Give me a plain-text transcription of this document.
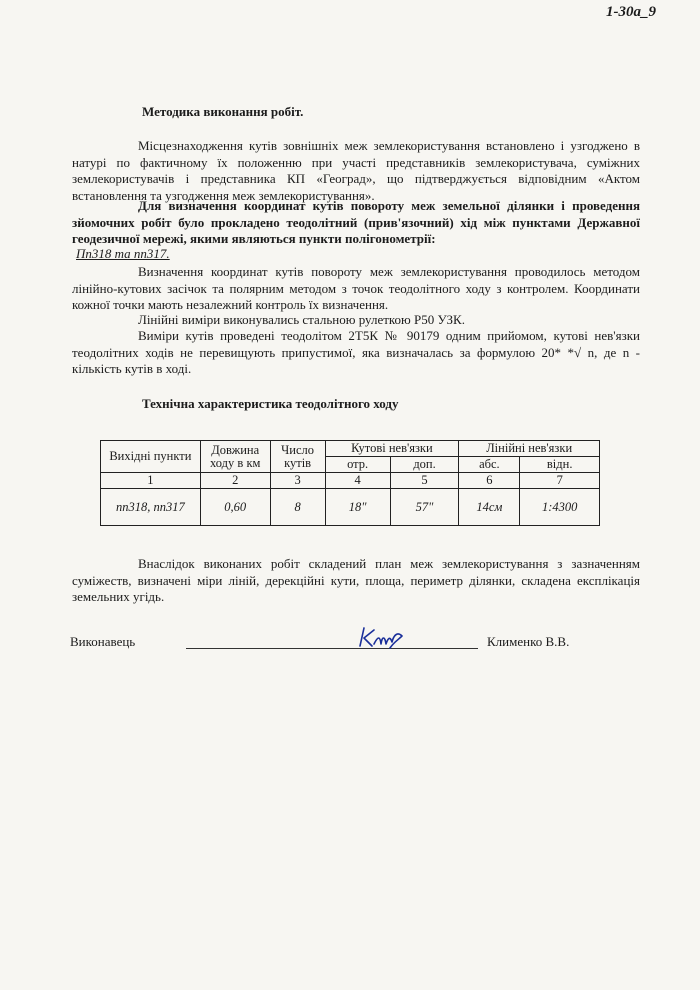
1-30а_9
Методика виконання робіт.

Місцезнаходження кутів зовнішніх меж землекористування встановлено і узгоджено в натурі по фактичному їх положенню при участі представників землекористувача, суміжних землекористувачів і представника КП «Геоград», що підтверджується відповідним «Актом встановлення та узгодження меж землекористування».

Для визначення координат кутів повороту меж земельної ділянки і проведення зйомочних робіт було прокладено теодолітний (прив'язочний) хід між пунктами Державної геодезичної мережі, якими являються пункти полігонометрії:

Пп318 та пп317.

Визначення координат кутів повороту меж землекористування проводилось методом лінійно-кутових засічок та полярним методом з точок теодолітного ходу з контролем. Координати кожної точки мають незалежний контроль їх визначення.

Лінійні виміри виконувались стальною рулеткою Р50 УЗК.

Виміри кутів проведені теодолітом 2Т5К № 90179 одним прийомом, кутові нев'язки теодолітних ходів не перевищують припустимої, яка визначалась за формулою 20* *√ n, де n - кількість кутів в ході.

Технічна характеристика теодолітного ходу
Вихідні пункти	Довжина ходу в км	Число кутів	Кутові нев'язки		Лінійні нев'язки	
			отр.	доп.	абс.	відн.
1	2	3	4	5	6	7
пп318, пп317	0,60	8	18"	57"	14см	1:4300

Внаслідок виконаних робіт складений план меж землекористування з зазначенням суміжеств, визначені міри ліній, дерекційні кути, площа, периметр ділянки, складена експлікація земельних угідь.

Виконавець	Клименко В.В.
